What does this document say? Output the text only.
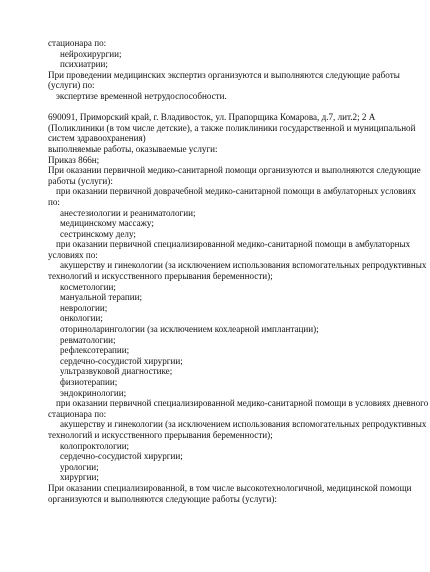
стационара по:
нейрохирургии;
психиатрии;
При проведении медицинских экспертиз организуются и выполняются следующие работы
(услуги) по:
экспертизе временной нетрудоспособности.
690091, Приморский край, г. Владивосток, ул. Прапорщика Комарова, д.7, лит.2; 2 А
(Поликлиники (в том числе детские), а также поликлиники государственной и муниципальной
систем здравоохранения)
выполняемые работы, оказываемые услуги:
Приказ 866н;
При оказании первичной медико-санитарной помощи организуются и выполняются следующие
работы (услуги):
при оказании первичной доврачебной медико-санитарной помощи в амбулаторных условиях
по:
анестезиологии и реаниматологии;
медицинскому массажу;
сестринскому делу;
при оказании первичной специализированной медико-санитарной помощи в амбулаторных
условиях по:
акушерству и гинекологии (за исключением использования вспомогательных репродуктивных
технологий и искусственного прерывания беременности);
косметологии;
мануальной терапии;
неврологии;
онкологии;
оториноларингологии (за исключением кохлеарной имплантации);
ревматологии;
рефлексотерапии;
сердечно-сосудистой хирургии;
ультразвуковой диагностике;
физиотерапии;
эндокринологии;
при оказании первичной специализированной медико-санитарной помощи в условиях дневного
стационара по:
акушерству и гинекологии (за исключением использования вспомогательных репродуктивных
технологий и искусственного прерывания беременности);
колопроктологии;
сердечно-сосудистой хирургии;
урологии;
хирургии;
При оказании специализированной, в том числе высокотехнологичной, медицинской помощи
организуются и выполняются следующие работы (услуги):
